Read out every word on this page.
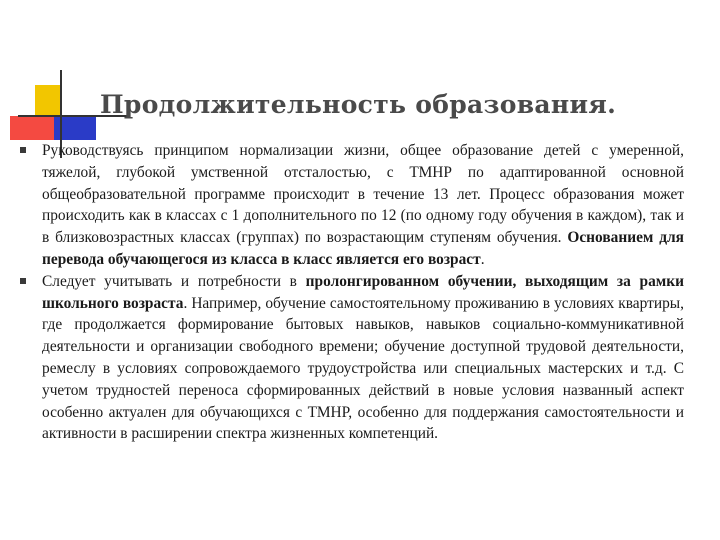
Продолжительность образования.
Руководствуясь принципом нормализации жизни, общее образование детей с умеренной, тяжелой, глубокой умственной отсталостью, с ТМНР по адаптированной основной общеобразовательной программе происходит в течение 13 лет. Процесс образования может происходить как в классах с 1 дополнительного по 12 (по одному году обучения в каждом), так и в близковозрастных классах (группах) по возрастающим ступеням обучения. Основанием для перевода обучающегося из класса в класс является его возраст.
Следует учитывать и потребности в пролонгированном обучении, выходящим за рамки школьного возраста. Например, обучение самостоятельному проживанию в условиях квартиры, где продолжается формирование бытовых навыков, навыков социально-коммуникативной деятельности и организации свободного времени; обучение доступной трудовой деятельности, ремеслу в условиях сопровождаемого трудоустройства или специальных мастерских и т.д. С учетом трудностей переноса сформированных действий в новые условия названный аспект особенно актуален для обучающихся с ТМНР, особенно для поддержания самостоятельности и активности в расширении спектра жизненных компетенций.
